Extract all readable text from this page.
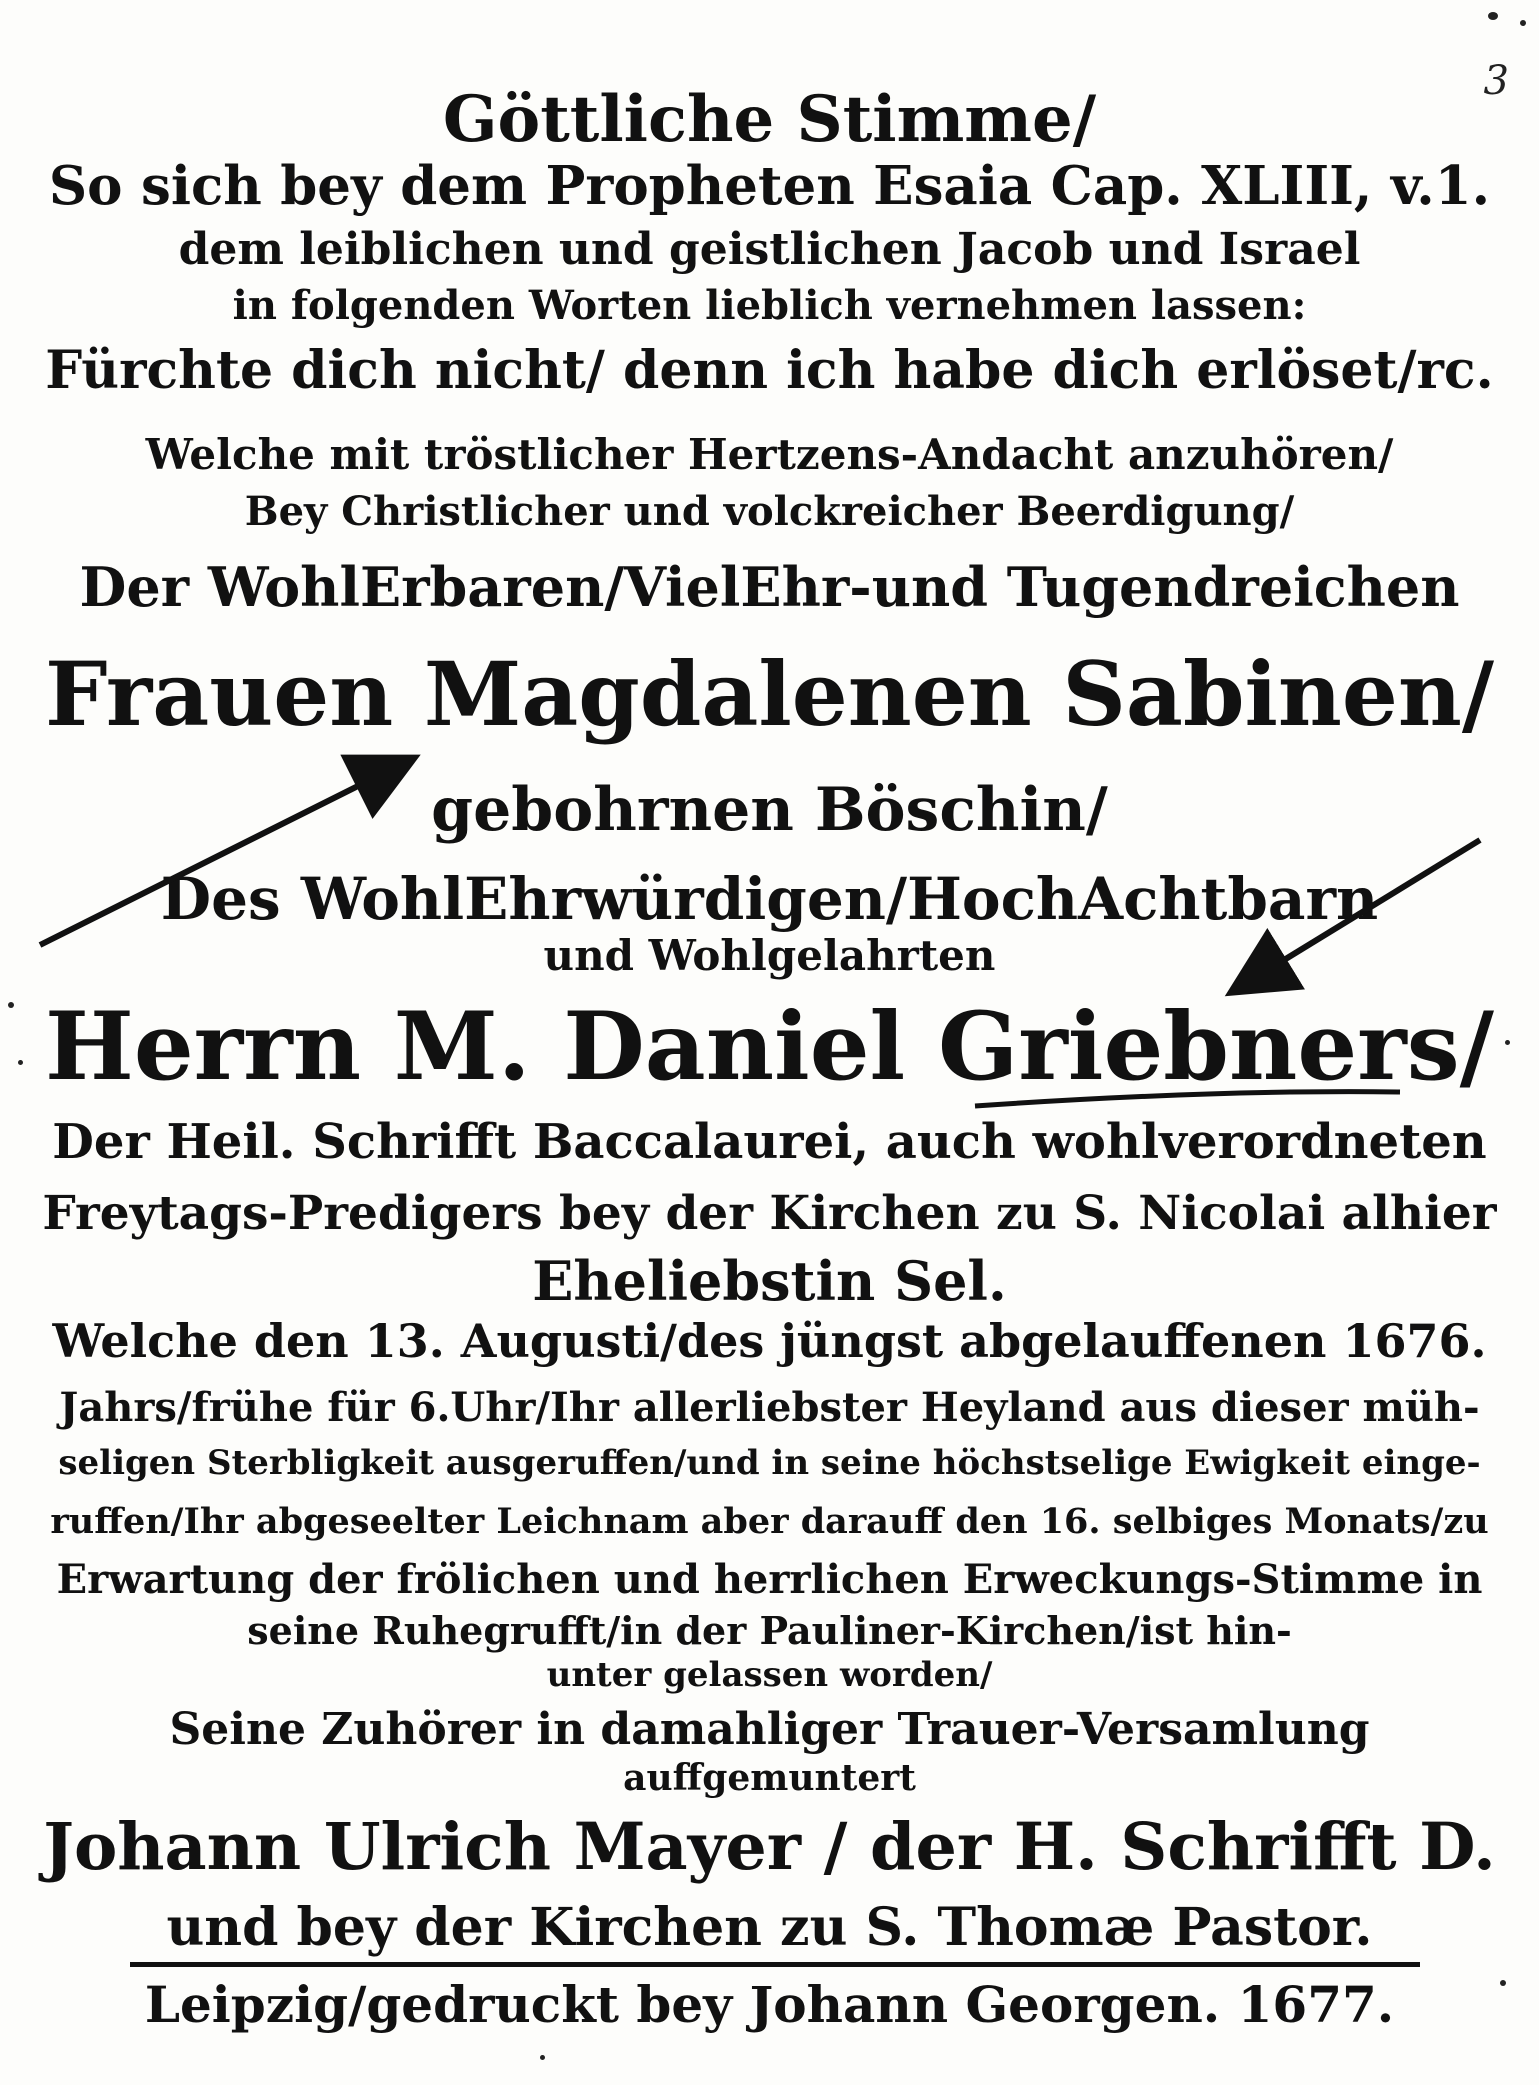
3
Göttliche Stimme/
So sich bey dem Propheten Esaia Cap. XLIII, v.1.
dem leiblichen und geistlichen Jacob und Israel
in folgenden Worten lieblich vernehmen lassen:
Fürchte dich nicht/ denn ich habe dich erlöset/rc.
Welche mit tröstlicher Hertzens-Andacht anzuhören/
Bey Christlicher und volckreicher Beerdigung/
Der WohlErbaren/VielEhr-und Tugendreichen
Frauen Magdalenen Sabinen/
gebohrnen Böschin/
Des WohlEhrwürdigen/HochAchtbarn
und Wohlgelahrten
Herrn M. Daniel Griebners/
Der Heil. Schrifft Baccalaurei, auch wohlverordneten
Freytags-Predigers bey der Kirchen zu S. Nicolai alhier
Eheliebstin Sel.
Welche den 13. Augusti/des jüngst abgelauffenen 1676.
Jahrs/frühe für 6.Uhr/Ihr allerliebster Heyland aus dieser müh-
seligen Sterbligkeit ausgeruffen/und in seine höchstselige Ewigkeit einge-
ruffen/Ihr abgeseelter Leichnam aber darauff den 16. selbiges Monats/zu
Erwartung der frölichen und herrlichen Erweckungs-Stimme in
seine Ruhegrufft/in der Pauliner-Kirchen/ist hin-
unter gelassen worden/
Seine Zuhörer in damahliger Trauer-Versamlung
auffgemuntert
Johann Ulrich Mayer / der H. Schrifft D.
und bey der Kirchen zu S. Thomæ Pastor.
Leipzig/gedruckt bey Johann Georgen. 1677.
